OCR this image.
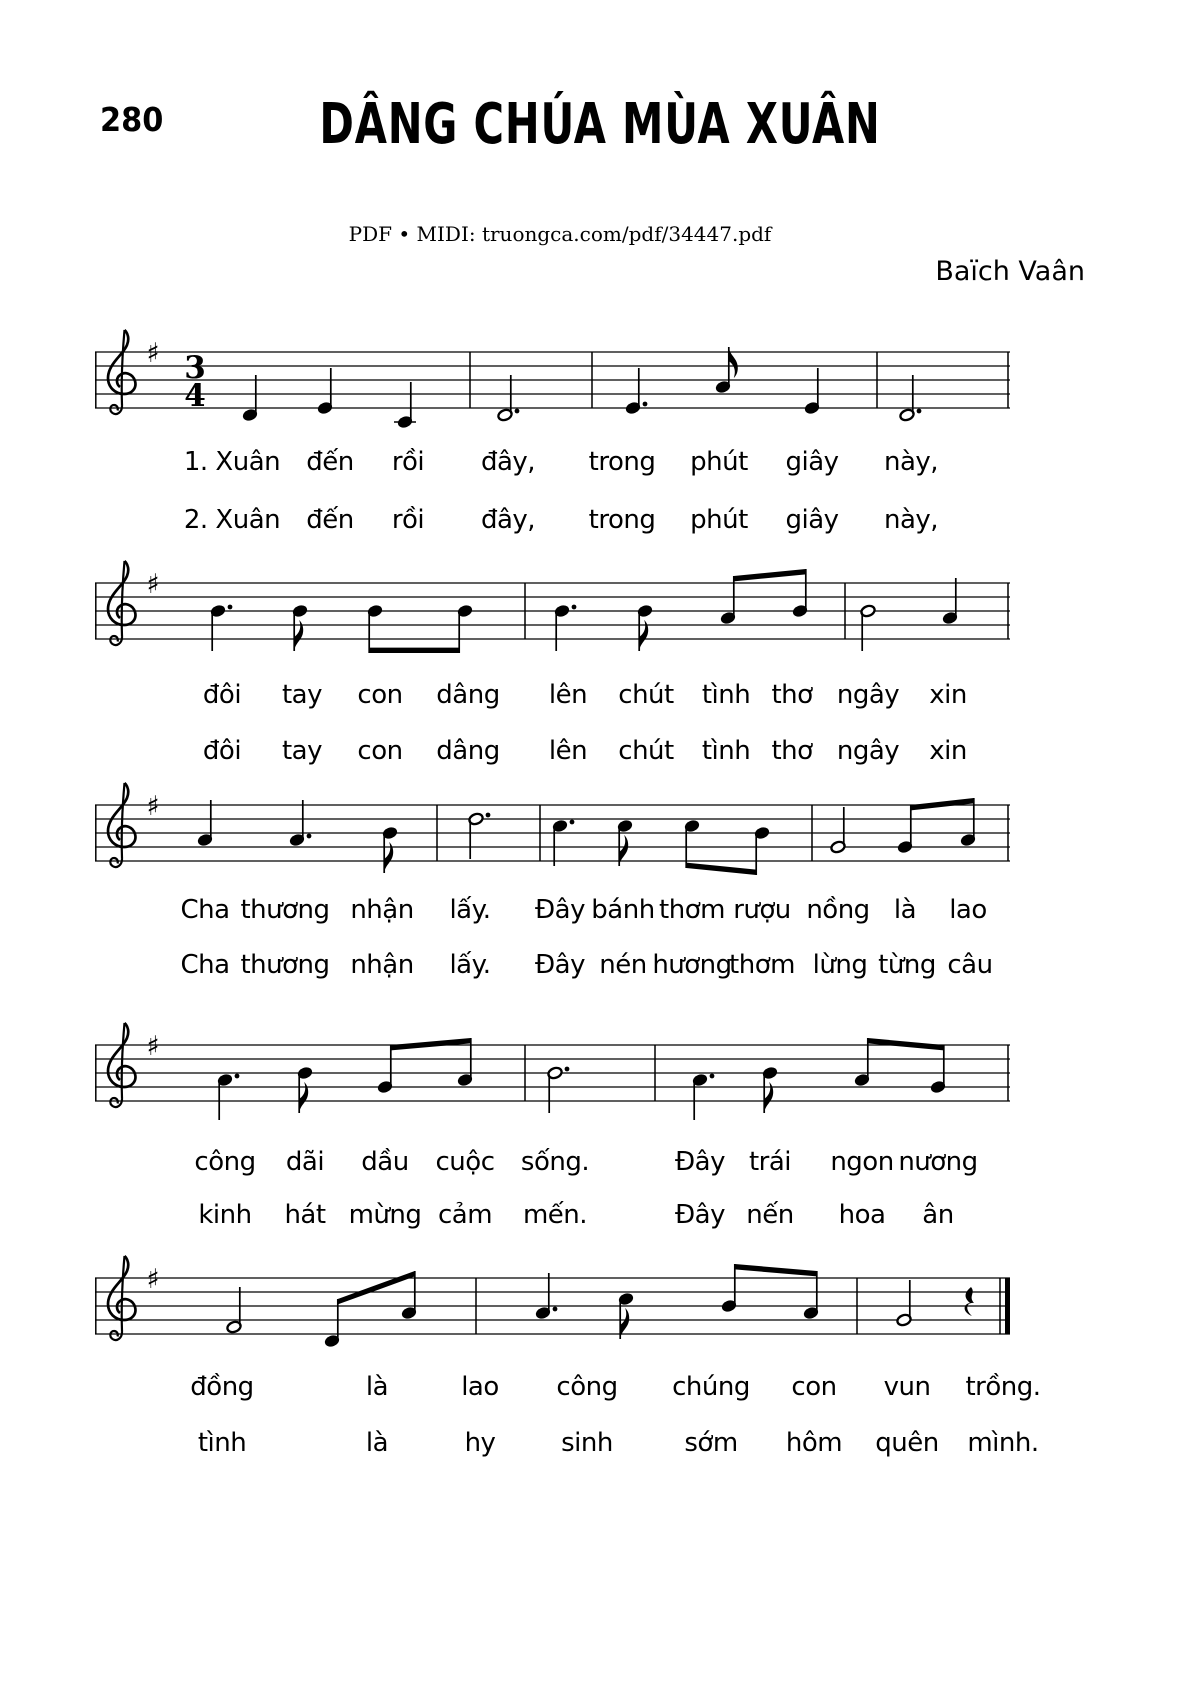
280	DÂNG CHÚA MÙA XUÂN
PDF • MIDI: truongca.com/pdf/34447.pdf
Baïch Vaân
♯ 3
4
1. Xuân đến rồi đây, trong phút giây này,
2. Xuân đến rồi đây, trong phút giây này,
♯
đôi tay con dâng lên chút tình thơ ngây xin
đôi tay con dâng lên chút tình thơ ngây xin
♯
Cha thương nhận lấy. Đây bánh thơm rượu nồng là lao
Cha thương nhận lấy. Đây nén hương
thơm lừng từng câu
♯
công dãi dầu cuộc sống.	Đây trái ngon nương
kinh hát mừng cảm mến.	Đây nến hoa ân
♯
đồng	là	lao công chúng con vun trồng.
tình	là	hy	sinh	sớm hôm quên mình.
